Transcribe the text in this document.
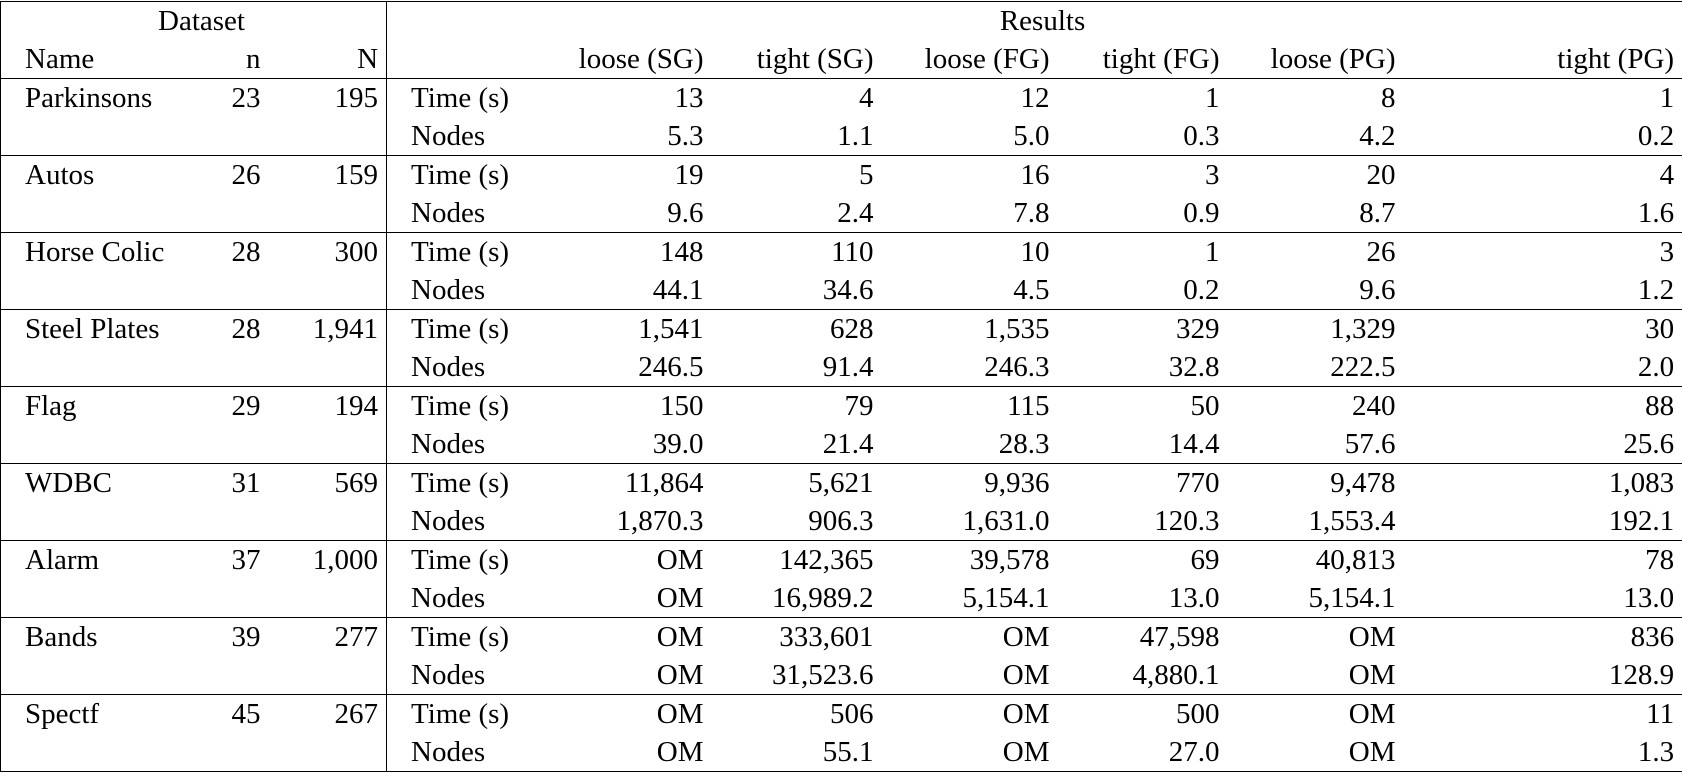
Dataset			Results						
Name	n	N		loose (SG)	tight (SG)	loose (FG)	tight (FG)	loose (PG)	tight (PG)
Parkinsons	23	195	Time (s)	13	4	12	1	8	1
			Nodes	5.3	1.1	5.0	0.3	4.2	0.2
Autos	26	159	Time (s)	19	5	16	3	20	4
			Nodes	9.6	2.4	7.8	0.9	8.7	1.6
Horse Colic	28	300	Time (s)	148	110	10	1	26	3
			Nodes	44.1	34.6	4.5	0.2	9.6	1.2
Steel Plates	28	1,941	Time (s)	1,541	628	1,535	329	1,329	30
			Nodes	246.5	91.4	246.3	32.8	222.5	2.0
Flag	29	194	Time (s)	150	79	115	50	240	88
			Nodes	39.0	21.4	28.3	14.4	57.6	25.6
WDBC	31	569	Time (s)	11,864	5,621	9,936	770	9,478	1,083
			Nodes	1,870.3	906.3	1,631.0	120.3	1,553.4	192.1
Alarm	37	1,000	Time (s)	OM	142,365	39,578	69	40,813	78
			Nodes	OM	16,989.2	5,154.1	13.0	5,154.1	13.0
Bands	39	277	Time (s)	OM	333,601	OM	47,598	OM	836
			Nodes	OM	31,523.6	OM	4,880.1	OM	128.9
Spectf	45	267	Time (s)	OM	506	OM	500	OM	11
			Nodes	OM	55.1	OM	27.0	OM	1.3
